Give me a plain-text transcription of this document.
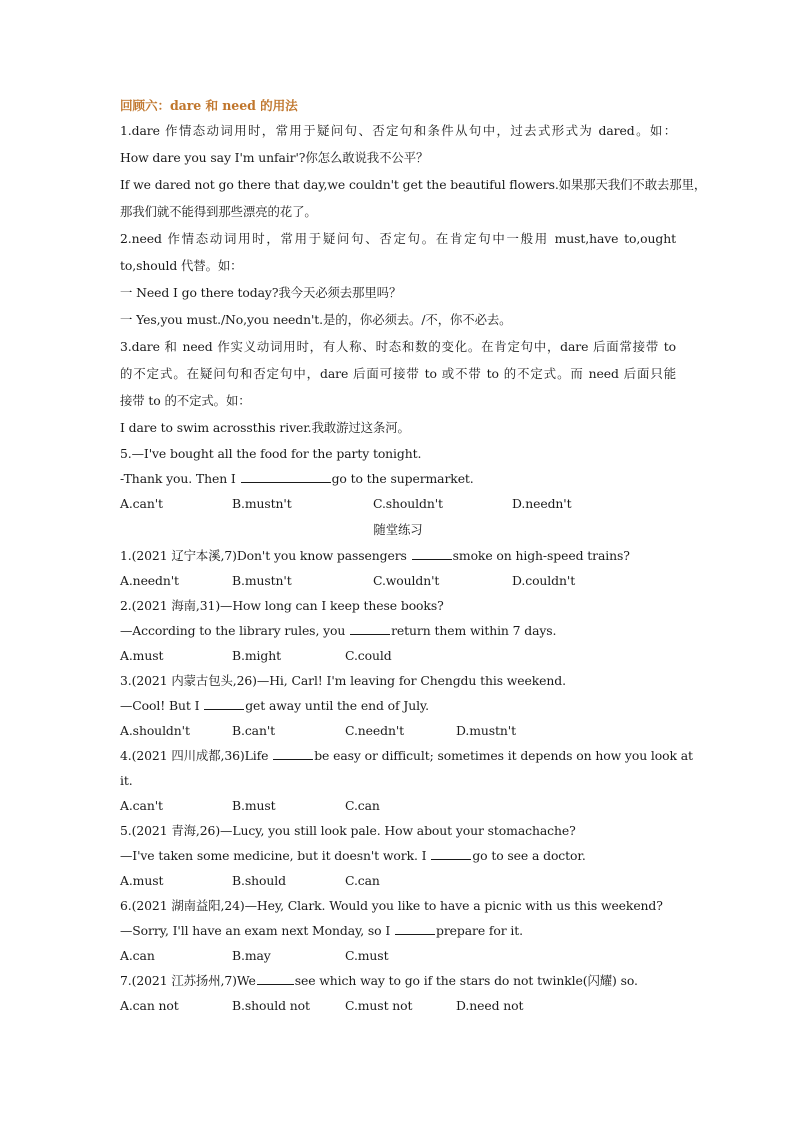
回顾六：dare 和 need 的用法
1.dare 作情态动词用时，常用于疑问句、否定句和条件从句中，过去式形式为 dared。如：
How dare you say I'm unfair'?你怎么敢说我不公平？
If we dared not go there that day,we couldn't get the beautiful flowers.如果那天我们不敢去那里，
那我们就不能得到那些漂亮的花了。
2.need 作情态动词用时，常用于疑问句、否定句。在肯定句中一般用 must,have to,ought
to,should 代替。如：
一 Need I go there today?我今天必须去那里吗？
一 Yes,you must./No,you needn't.是的，你必须去。/不，你不必去。
3.dare 和 need 作实义动词用时，有人称、时态和数的变化。在肯定句中，dare 后面常接带 to
的不定式。在疑问句和否定句中，dare 后面可接带 to 或不带 to 的不定式。而 need 后面只能
接带 to 的不定式。如：
I dare to swim acrossthis river.我敢游过这条河。
5.—I've bought all the food for the party tonight.
-Thank you. Then I	go to the supermarket.
A.can't	B.mustn't	C.shouldn't	D.needn't
随堂练习
1.(2021 辽宁本溪,7)Don't you know passengers	smoke on high-speed trains?
A.needn't	B.mustn't	C.wouldn't	D.couldn't
2.(2021 海南,31)—How long can I keep these books?
—According to the library rules, you	return them within 7 days.
A.must	B.might	C.could
3.(2021 内蒙古包头,26)—Hi, Carl! I'm leaving for Chengdu this weekend.
—Cool! But I	get away until the end of July.
A.shouldn't	B.can't	C.needn't	D.mustn't
4.(2021 四川成都,36)Life	be easy or difficult; sometimes it depends on how you look at
it.
A.can't	B.must	C.can
5.(2021 青海,26)—Lucy, you still look pale. How about your stomachache?
—I've taken some medicine, but it doesn't work. I	go to see a doctor.
A.must	B.should	C.can
6.(2021 湖南益阳,24)—Hey, Clark. Would you like to have a picnic with us this weekend?
—Sorry, I'll have an exam next Monday, so I	prepare for it.
A.can	B.may	C.must
7.(2021 江苏扬州,7)We	see which way to go if the stars do not twinkle(闪耀) so.
A.can not	B.should not	C.must not	D.need not
